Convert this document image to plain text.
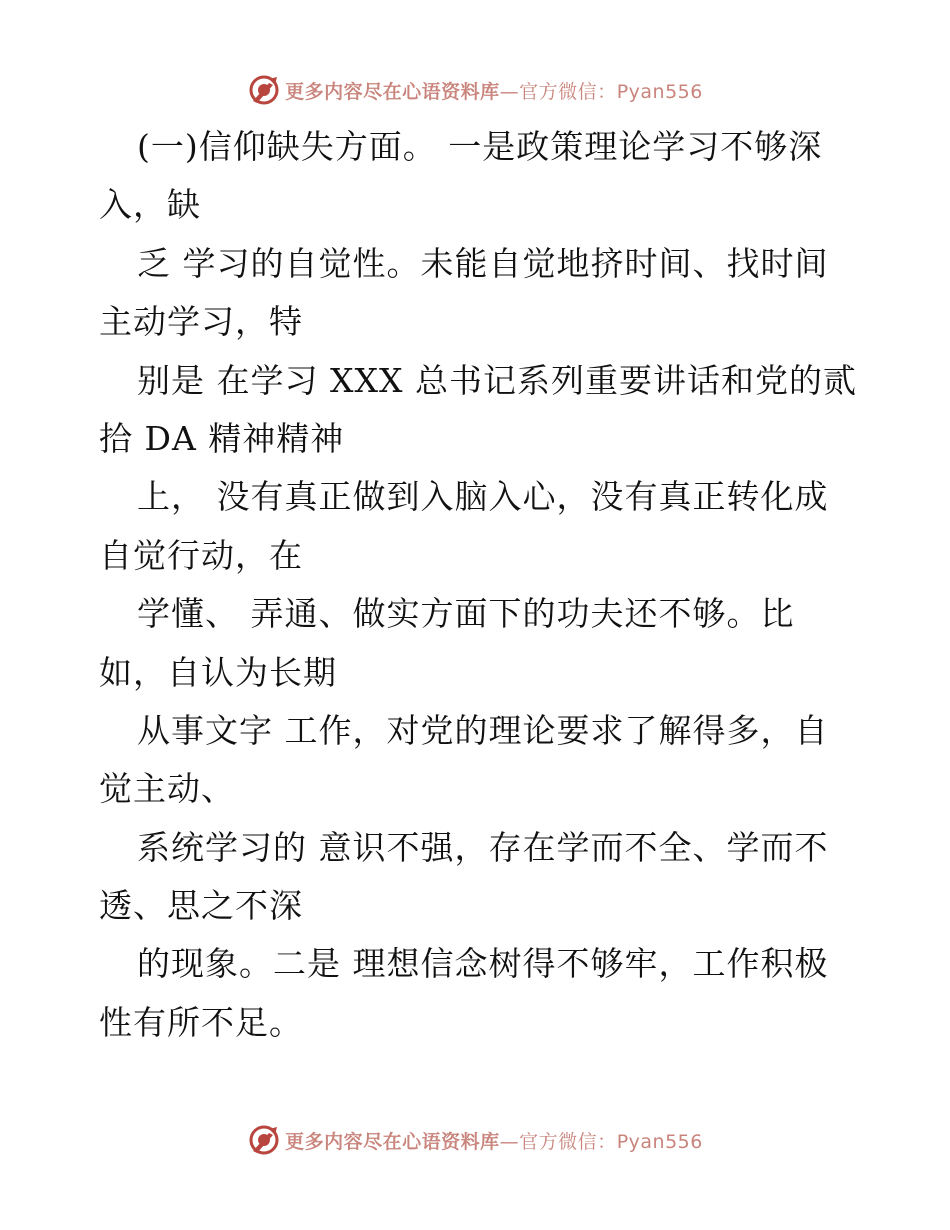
更多内容尽在心语资料库—官方微信：Pyan556
(一)信仰缺失方面。 一是政策理论学习不够深
入，缺
乏 学习的自觉性。未能自觉地挤时间、找时间
主动学习，特
别是 在学习 XXX 总书记系列重要讲话和党的贰
拾 DA 精神精神
上， 没有真正做到入脑入心，没有真正转化成
自觉行动，在
学懂、 弄通、做实方面下的功夫还不够。比
如，自认为长期
从事文字 工作，对党的理论要求了解得多，自
觉主动、
系统学习的 意识不强，存在学而不全、学而不
透、思之不深
的现象。二是 理想信念树得不够牢，工作积极
性有所不足。
更多内容尽在心语资料库—官方微信：Pyan556
